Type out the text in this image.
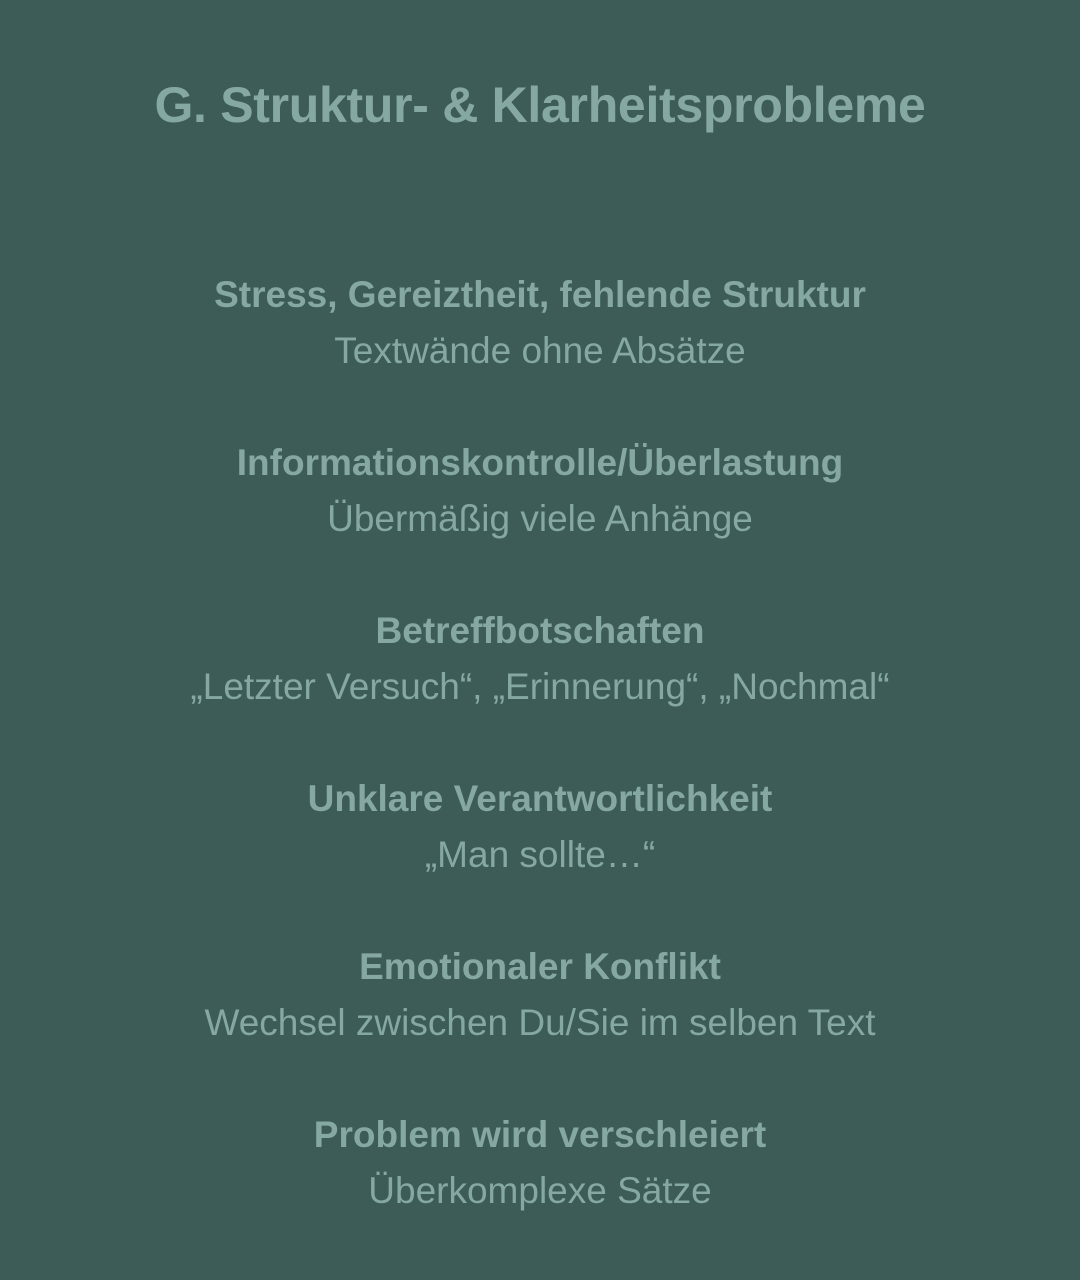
G. Struktur- & Klarheitsprobleme
Stress, Gereiztheit, fehlende Struktur
Textwände ohne Absätze
Informationskontrolle/Überlastung
Übermäßig viele Anhänge
Betreffbotschaften
„Letzter Versuch“, „Erinnerung“, „Nochmal“
Unklare Verantwortlichkeit
„Man sollte…“
Emotionaler Konflikt
Wechsel zwischen Du/Sie im selben Text
Problem wird verschleiert
Überkomplexe Sätze
